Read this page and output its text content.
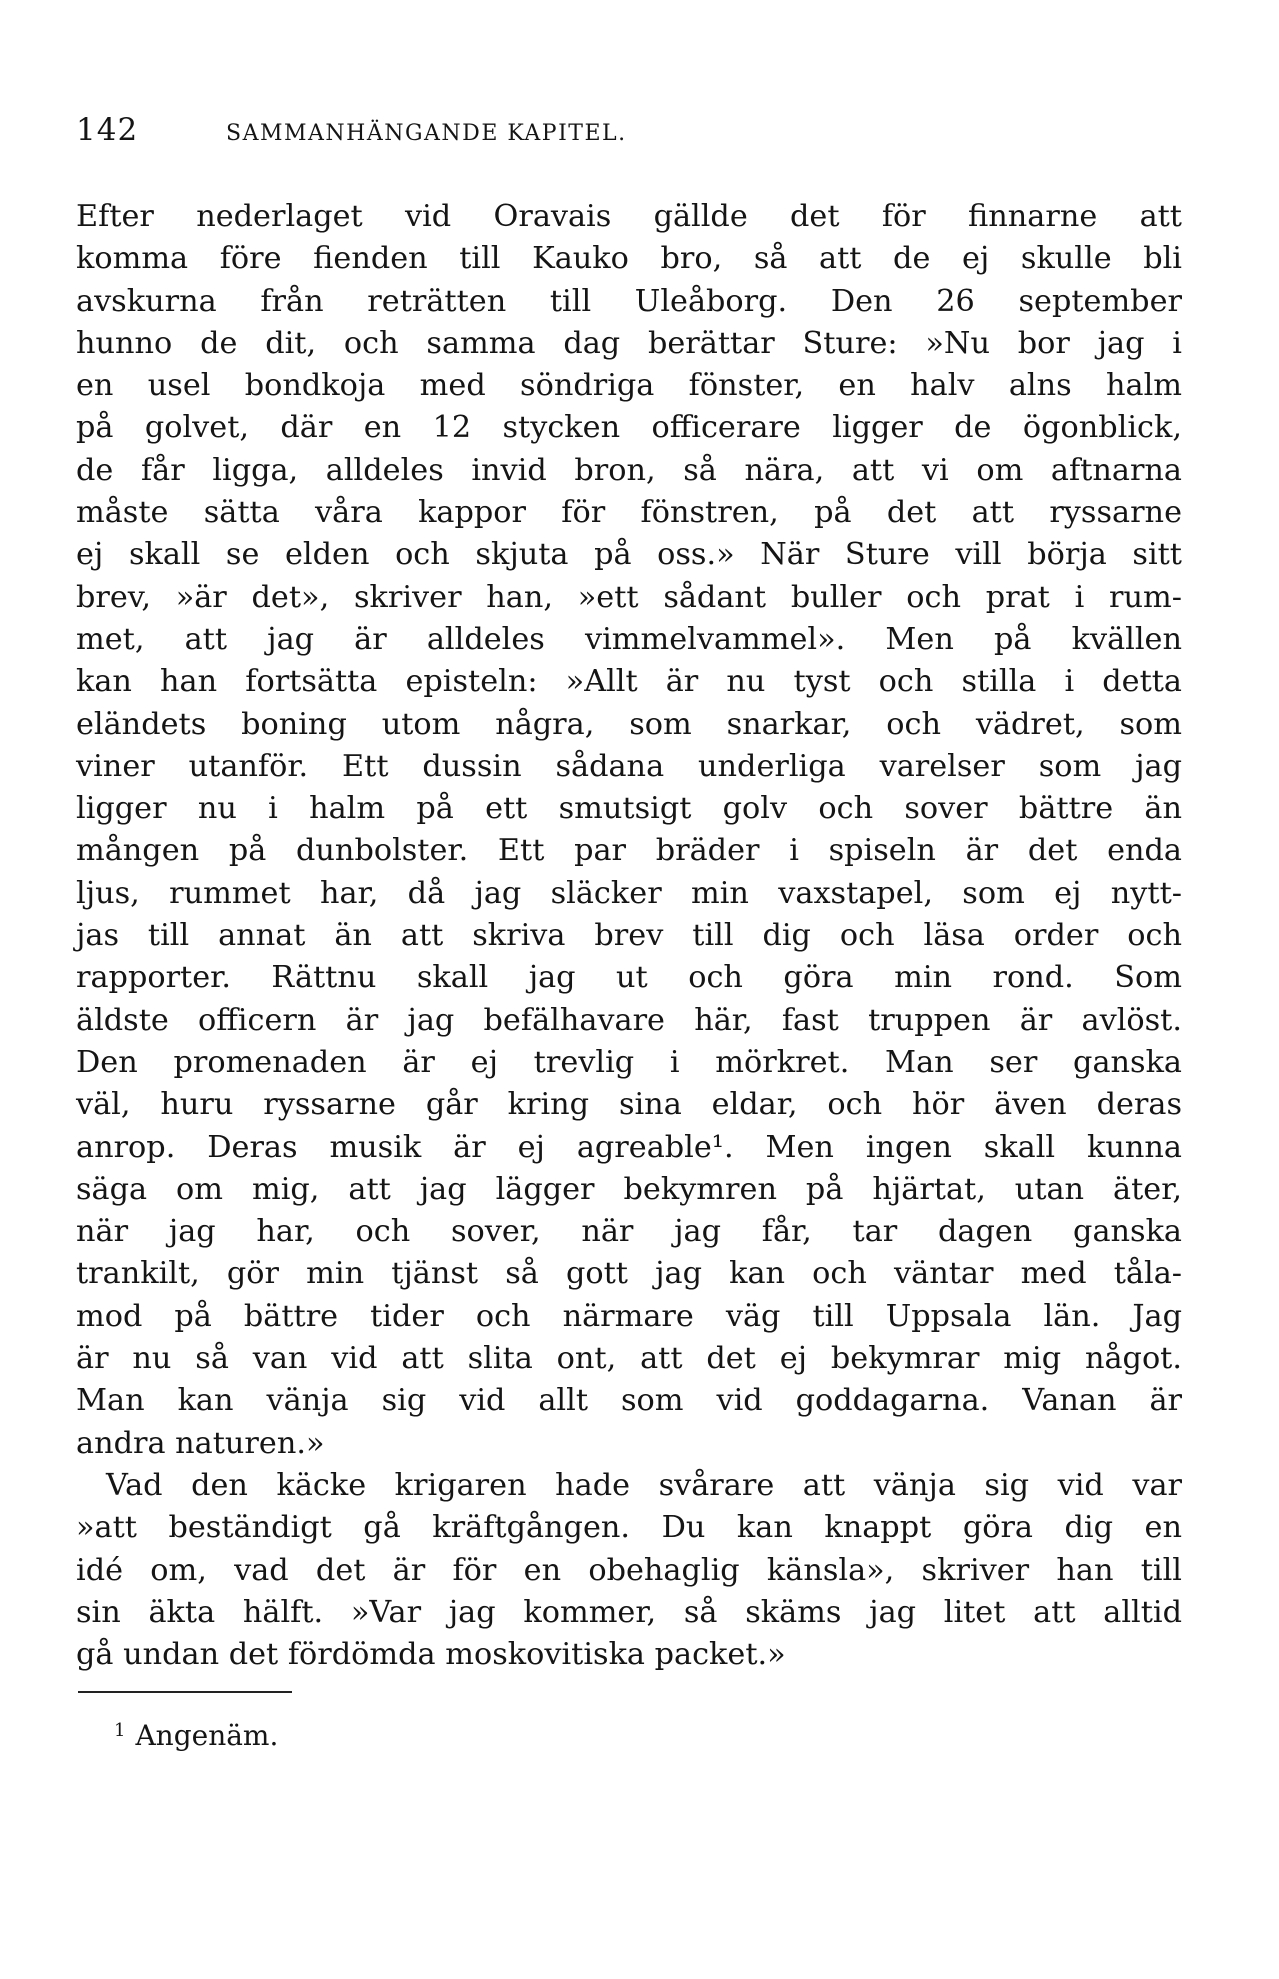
142	SAMMANHÄNGANDE KAPITEL.
Efter nederlaget vid Oravais gällde det för finnarne att
komma före fienden till Kauko bro, så att de ej skulle bli
avskurna från reträtten till Uleåborg. Den 26 september
hunno de dit, och samma dag berättar Sture: »Nu bor jag i
en usel bondkoja med söndriga fönster, en halv alns halm
på golvet, där en 12 stycken officerare ligger de ögonblick,
de får ligga, alldeles invid bron, så nära, att vi om aftnarna
måste sätta våra kappor för fönstren, på det att ryssarne
ej skall se elden och skjuta på oss.» När Sture vill börja sitt
brev, »är det», skriver han, »ett sådant buller och prat i rum-
met, att jag är alldeles vimmelvammel». Men på kvällen
kan han fortsätta episteln: »Allt är nu tyst och stilla i detta
eländets boning utom några, som snarkar, och vädret, som
viner utanför. Ett dussin sådana underliga varelser som jag
ligger nu i halm på ett smutsigt golv och sover bättre än
mången på dunbolster. Ett par bräder i spiseln är det enda
ljus, rummet har, då jag släcker min vaxstapel, som ej nytt-
jas till annat än att skriva brev till dig och läsa order och
rapporter. Rättnu skall jag ut och göra min rond. Som
äldste officern är jag befälhavare här, fast truppen är avlöst.
Den promenaden är ej trevlig i mörkret. Man ser ganska
väl, huru ryssarne går kring sina eldar, och hör även deras
anrop. Deras musik är ej agreable¹. Men ingen skall kunna
säga om mig, att jag lägger bekymren på hjärtat, utan äter,
när jag har, och sover, när jag får, tar dagen ganska
trankilt, gör min tjänst så gott jag kan och väntar med tåla-
mod på bättre tider och närmare väg till Uppsala län. Jag
är nu så van vid att slita ont, att det ej bekymrar mig något.
Man kan vänja sig vid allt som vid goddagarna. Vanan är
andra naturen.»
Vad den käcke krigaren hade svårare att vänja sig vid var
»att beständigt gå kräftgången. Du kan knappt göra dig en
idé om, vad det är för en obehaglig känsla», skriver han till
sin äkta hälft. »Var jag kommer, så skäms jag litet att alltid
gå undan det fördömda moskovitiska packet.»
$^1$ Angenäm.
